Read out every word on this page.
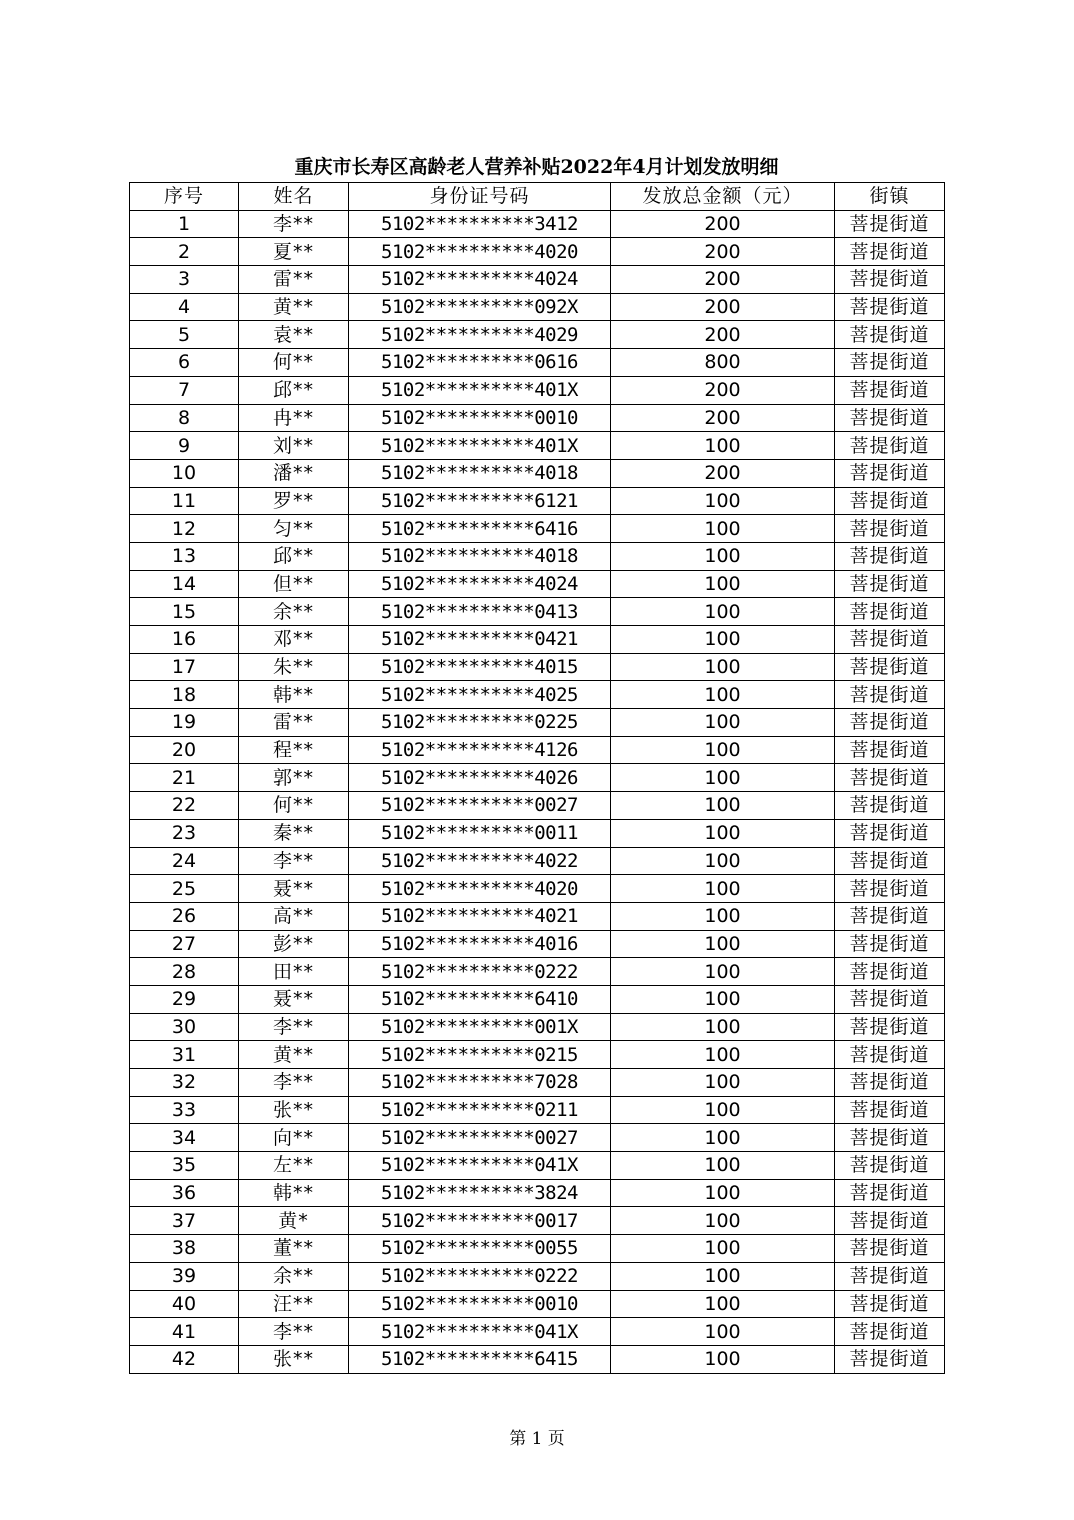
重庆市长寿区高龄老人营养补贴2022年4月计划发放明细
序号	姓名	身份证号码	发放总金额（元）	街镇
1	李**	5102**********3412	200	菩提街道
2	夏**	5102**********4020	200	菩提街道
3	雷**	5102**********4024	200	菩提街道
4	黄**	5102**********092X	200	菩提街道
5	袁**	5102**********4029	200	菩提街道
6	何**	5102**********0616	800	菩提街道
7	邱**	5102**********401X	200	菩提街道
8	冉**	5102**********0010	200	菩提街道
9	刘**	5102**********401X	100	菩提街道
10	潘**	5102**********4018	200	菩提街道
11	罗**	5102**********6121	100	菩提街道
12	匀**	5102**********6416	100	菩提街道
13	邱**	5102**********4018	100	菩提街道
14	但**	5102**********4024	100	菩提街道
15	余**	5102**********0413	100	菩提街道
16	邓**	5102**********0421	100	菩提街道
17	朱**	5102**********4015	100	菩提街道
18	韩**	5102**********4025	100	菩提街道
19	雷**	5102**********0225	100	菩提街道
20	程**	5102**********4126	100	菩提街道
21	郭**	5102**********4026	100	菩提街道
22	何**	5102**********0027	100	菩提街道
23	秦**	5102**********0011	100	菩提街道
24	李**	5102**********4022	100	菩提街道
25	聂**	5102**********4020	100	菩提街道
26	高**	5102**********4021	100	菩提街道
27	彭**	5102**********4016	100	菩提街道
28	田**	5102**********0222	100	菩提街道
29	聂**	5102**********6410	100	菩提街道
30	李**	5102**********001X	100	菩提街道
31	黄**	5102**********0215	100	菩提街道
32	李**	5102**********7028	100	菩提街道
33	张**	5102**********0211	100	菩提街道
34	向**	5102**********0027	100	菩提街道
35	左**	5102**********041X	100	菩提街道
36	韩**	5102**********3824	100	菩提街道
37	黄*	5102**********0017	100	菩提街道
38	董**	5102**********0055	100	菩提街道
39	余**	5102**********0222	100	菩提街道
40	汪**	5102**********0010	100	菩提街道
41	李**	5102**********041X	100	菩提街道
42	张**	5102**********6415	100	菩提街道
第 1 页
